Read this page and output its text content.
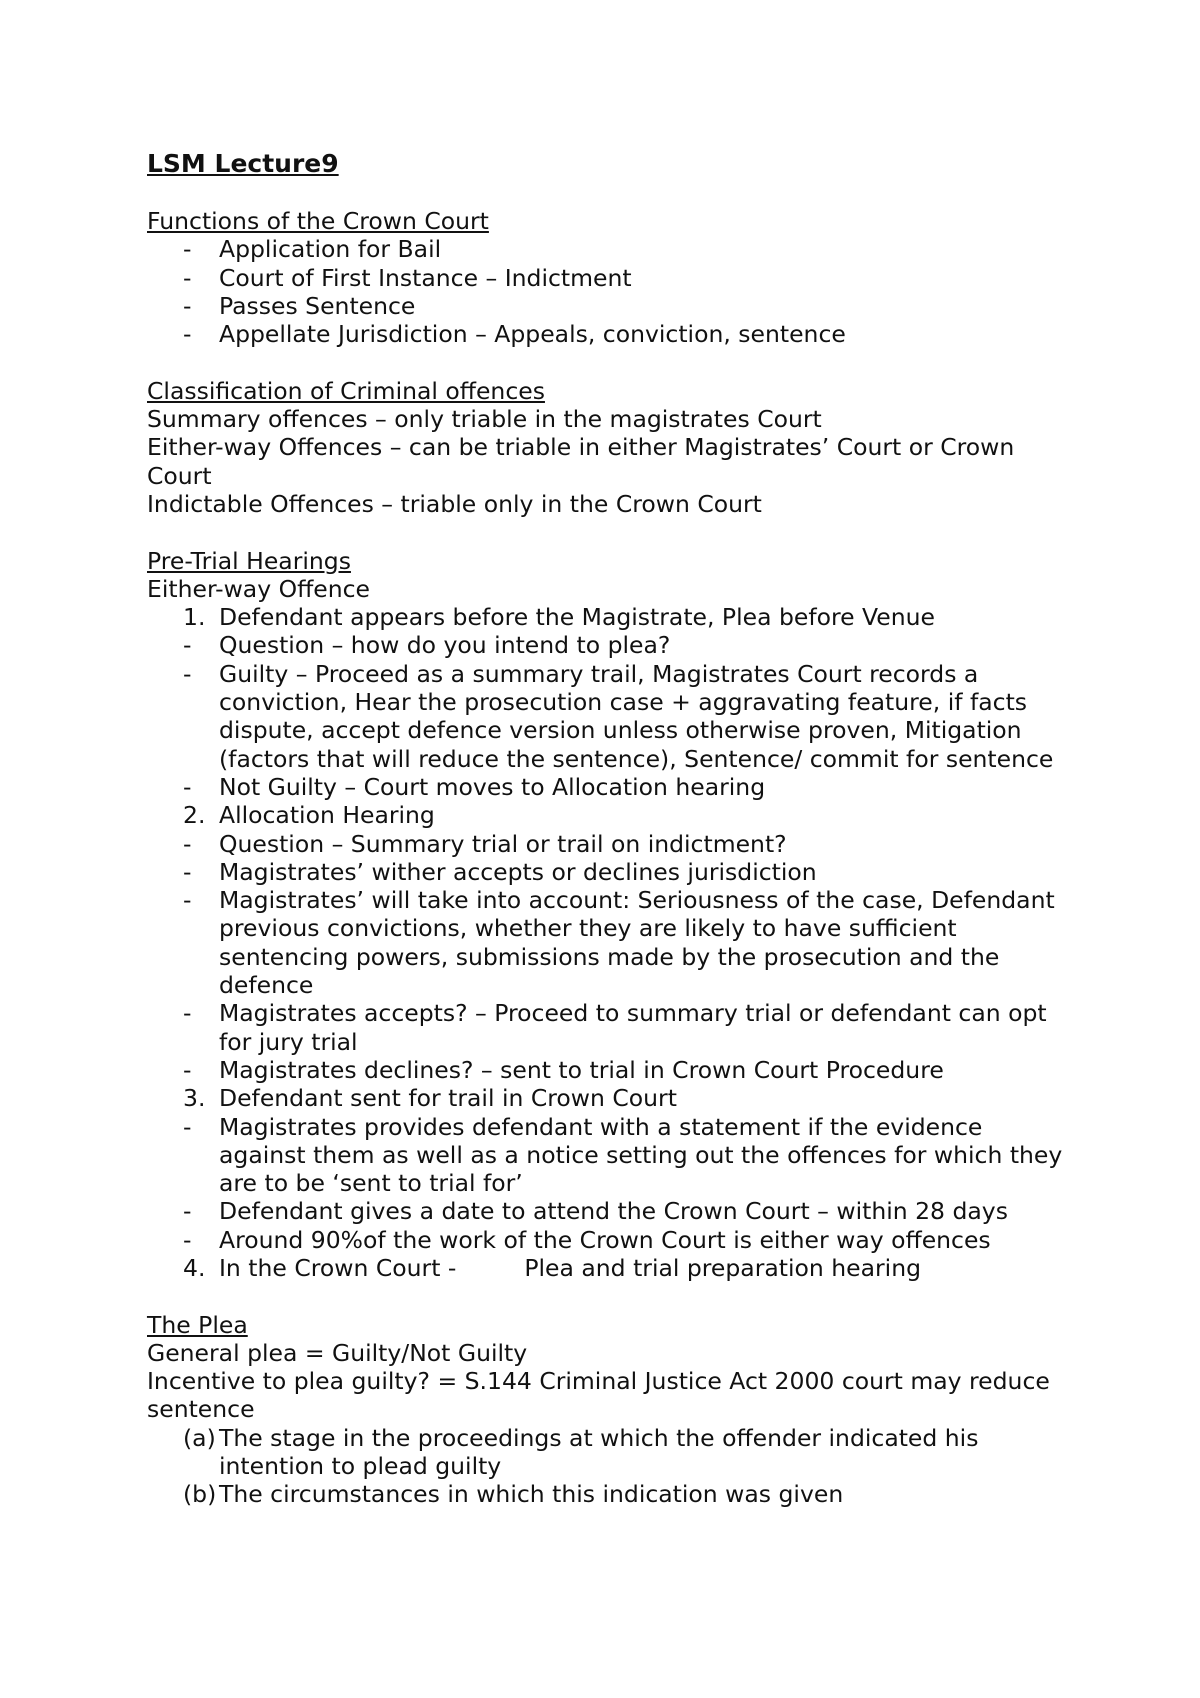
LSM Lecture9

Functions of the Crown Court

- Application for Bail
- Court of First Instance – Indictment
- Passes Sentence
- Appellate Jurisdiction – Appeals, conviction, sentence

Classification of Criminal offences

Summary offences – only triable in the magistrates Court

Either-way Offences – can be triable in either Magistrates’ Court or Crown Court

Indictable Offences – triable only in the Crown Court

Pre-Trial Hearings

Either-way Offence

1. Defendant appears before the Magistrate, Plea before Venue
- Question – how do you intend to plea?
- Guilty – Proceed as a summary trail, Magistrates Court records a conviction, Hear the prosecution case + aggravating feature, if facts dispute, accept defence version unless otherwise proven, Mitigation (factors that will reduce the sentence), Sentence/ commit for sentence
- Not Guilty – Court moves to Allocation hearing
2. Allocation Hearing
- Question – Summary trial or trail on indictment?
- Magistrates’ wither accepts or declines jurisdiction
- Magistrates’ will take into account: Seriousness of the case, Defendant previous convictions, whether they are likely to have sufficient sentencing powers, submissions made by the prosecution and the defence
- Magistrates accepts? – Proceed to summary trial or defendant can opt for jury trial
- Magistrates declines? – sent to trial in Crown Court Procedure
3. Defendant sent for trail in Crown Court
- Magistrates provides defendant with a statement if the evidence against them as well as a notice setting out the offences for which they are to be ‘sent to trial for’
- Defendant gives a date to attend the Crown Court – within 28 days
- Around 90%of the work of the Crown Court is either way offences
4. In the Crown Court -	Plea and trial preparation hearing

The Plea

General plea = Guilty/Not Guilty

Incentive to plea guilty? = S.144 Criminal Justice Act 2000 court may reduce sentence

(a) The stage in the proceedings at which the offender indicated his intention to plead guilty
(b) The circumstances in which this indication was given
